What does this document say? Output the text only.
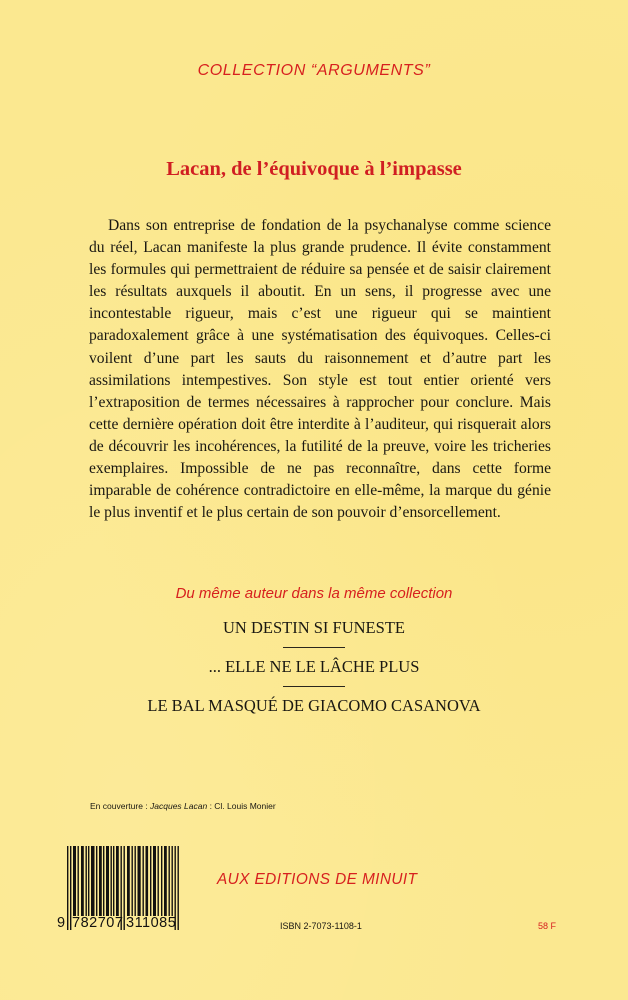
COLLECTION “ARGUMENTS”
Lacan, de l’équivoque à l’impasse

Dans son entreprise de fondation de la psychanalyse comme science du réel, Lacan manifeste la plus grande prudence. Il évite constamment les formules qui permettraient de réduire sa pensée et de saisir clairement les résultats auxquels il aboutit. En un sens, il progresse avec une incontestable rigueur, mais c’est une rigueur qui se maintient paradoxalement grâce à une systématisation des équivoques. Celles-ci voilent d’une part les sauts du raisonnement et d’autre part les assimilations intempestives. Son style est tout entier orienté vers l’extraposition de termes nécessaires à rapprocher pour conclure. Mais cette dernière opération doit être interdite à l’auditeur, qui risquerait alors de découvrir les incohérences, la futilité de la preuve, voire les tricheries exemplaires. Impossible de ne pas reconnaître, dans cette forme imparable de cohérence contradictoire en elle-même, la marque du génie le plus inventif et le plus certain de son pouvoir d’ensorcellement.

Du même auteur dans la même collection
UN DESTIN SI FUNESTE
... ELLE NE LE LÂCHE PLUS
LE BAL MASQUÉ DE GIACOMO CASANOVA
En couverture : Jacques Lacan : Cl. Louis Monier
9 782707 311085
AUX EDITIONS DE MINUIT
ISBN 2-7073-1108-1	58 F
